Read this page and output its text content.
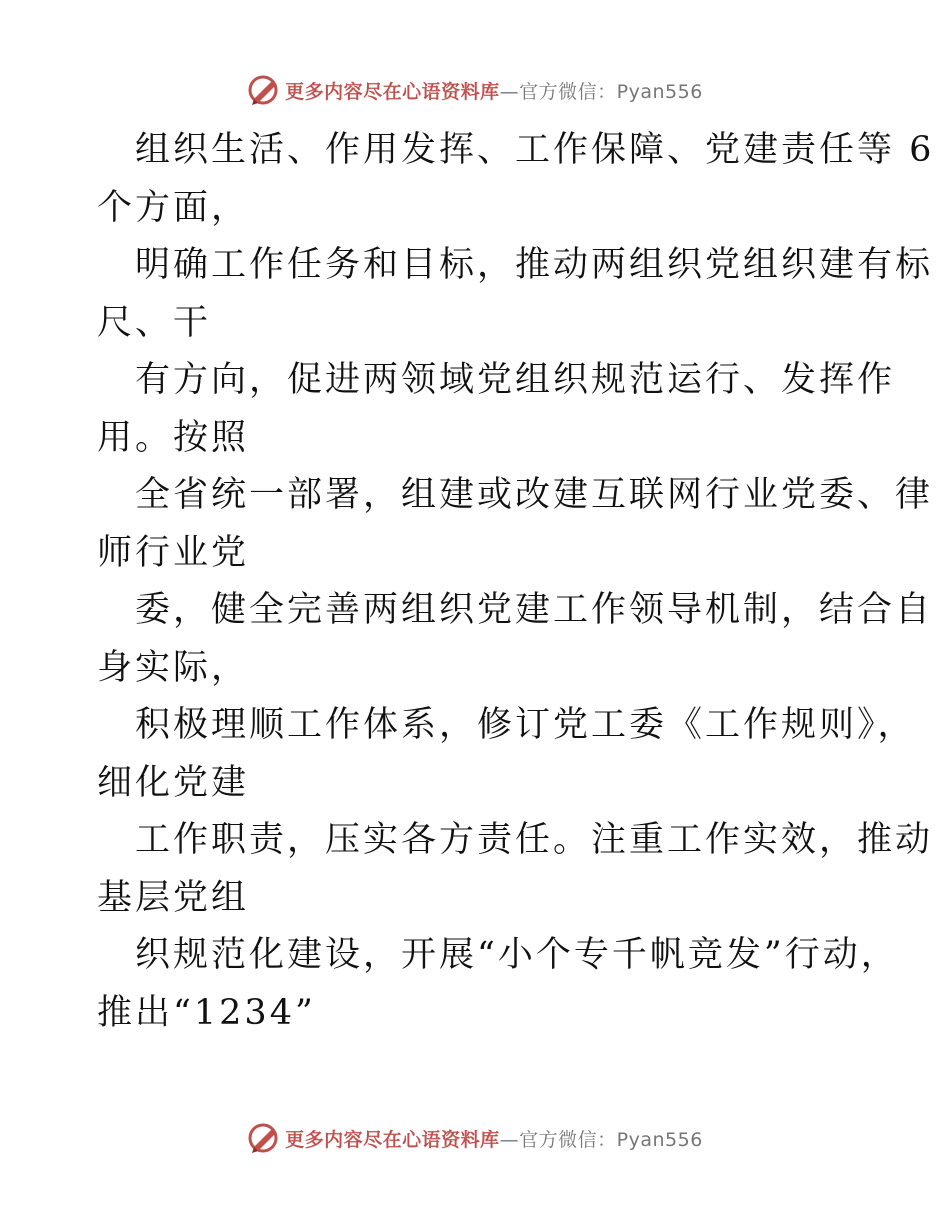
更多内容尽在心语资料库—官方微信：Pyan556
组织生活、作用发挥、工作保障、党建责任等 6
个方面，
明确工作任务和目标，推动两组织党组织建有标
尺、干
有方向，促进两领域党组织规范运行、发挥作
用。按照
全省统一部署，组建或改建互联网行业党委、律
师行业党
委，健全完善两组织党建工作领导机制，结合自
身实际，
积极理顺工作体系，修订党工委《工作规则》，
细化党建
工作职责，压实各方责任。注重工作实效，推动
基层党组
织规范化建设，开展“小个专千帆竞发”行动，
推出“1234”
更多内容尽在心语资料库—官方微信：Pyan556
